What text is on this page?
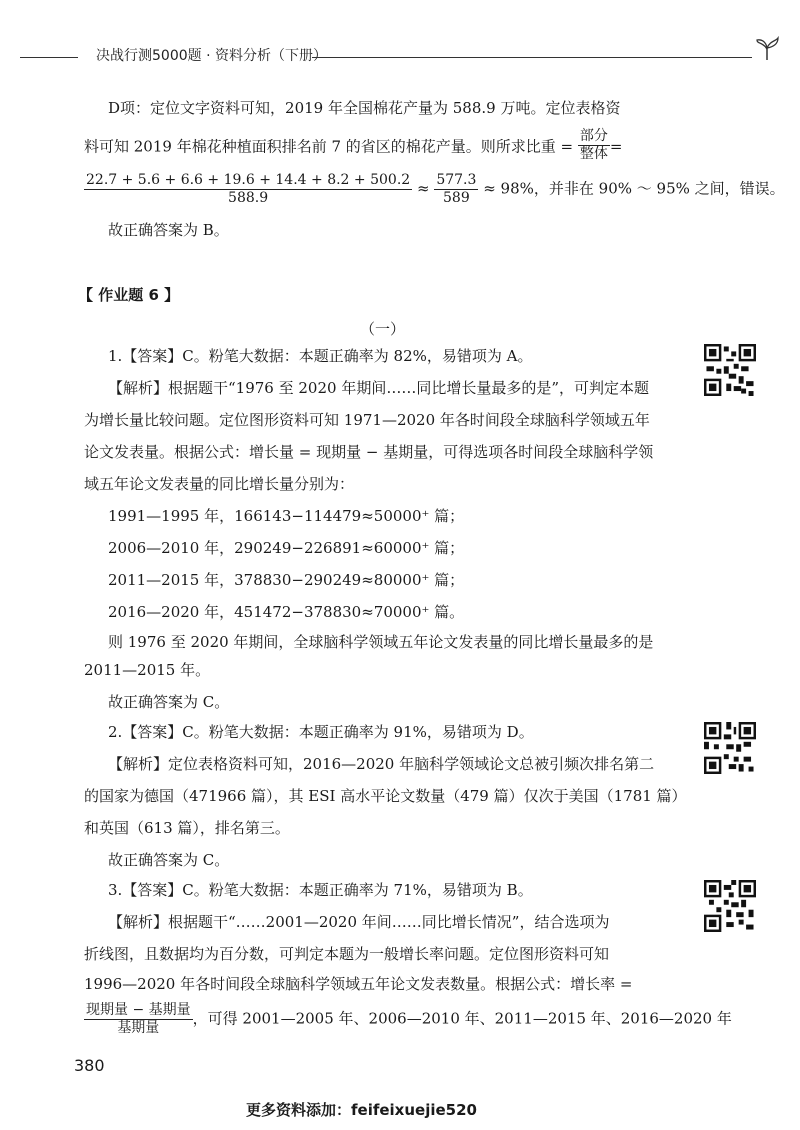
决战行测5000题 · 资料分析（下册）
D项：定位文字资料可知，2019 年全国棉花产量为 588.9 万吨。定位表格资
料可知 2019 年棉花种植面积排名前 7 的省区的棉花产量。则所求比重 = $\frac{\text{部分}}{\text{整体}}$ =
$\frac{22.7 + 5.6 + 6.6 + 19.6 + 14.4 + 8.2 + 500.2}{588.9} \approx \frac{577.3}{589} \approx 98\%$，并非在 90% ～ 95% 之间，错误。
故正确答案为 B。
【 作业题 6 】
（一）
1.【答案】C。粉笔大数据：本题正确率为 82%，易错项为 A。
【解析】根据题干“1976 至 2020 年期间……同比增长量最多的是”，可判定本题
为增长量比较问题。定位图形资料可知 1971—2020 年各时间段全球脑科学领域五年
论文发表量。根据公式：增长量 = 现期量 − 基期量，可得选项各时间段全球脑科学领
域五年论文发表量的同比增长量分别为：
1991—1995 年，166143−114479≈50000⁺ 篇；
2006—2010 年，290249−226891≈60000⁺ 篇；
2011—2015 年，378830−290249≈80000⁺ 篇；
2016—2020 年，451472−378830≈70000⁺ 篇。
则 1976 至 2020 年期间，全球脑科学领域五年论文发表量的同比增长量最多的是
2011—2015 年。
故正确答案为 C。
2.【答案】C。粉笔大数据：本题正确率为 91%，易错项为 D。
【解析】定位表格资料可知，2016—2020 年脑科学领域论文总被引频次排名第二
的国家为德国（471966 篇），其 ESI 高水平论文数量（479 篇）仅次于美国（1781 篇）
和英国（613 篇），排名第三。
故正确答案为 C。
3.【答案】C。粉笔大数据：本题正确率为 71%，易错项为 B。
【解析】根据题干“……2001—2020 年间……同比增长情况”，结合选项为
折线图，且数据均为百分数，可判定本题为一般增长率问题。定位图形资料可知
1996—2020 年各时间段全球脑科学领域五年论文发表数量。根据公式：增长率 =
$\frac{\text{现期量 − 基期量}}{\text{基期量}}$ ，可得 2001—2005 年、2006—2010 年、2011—2015 年、2016—2020 年
380
更多资料添加：feifeixuejie520
